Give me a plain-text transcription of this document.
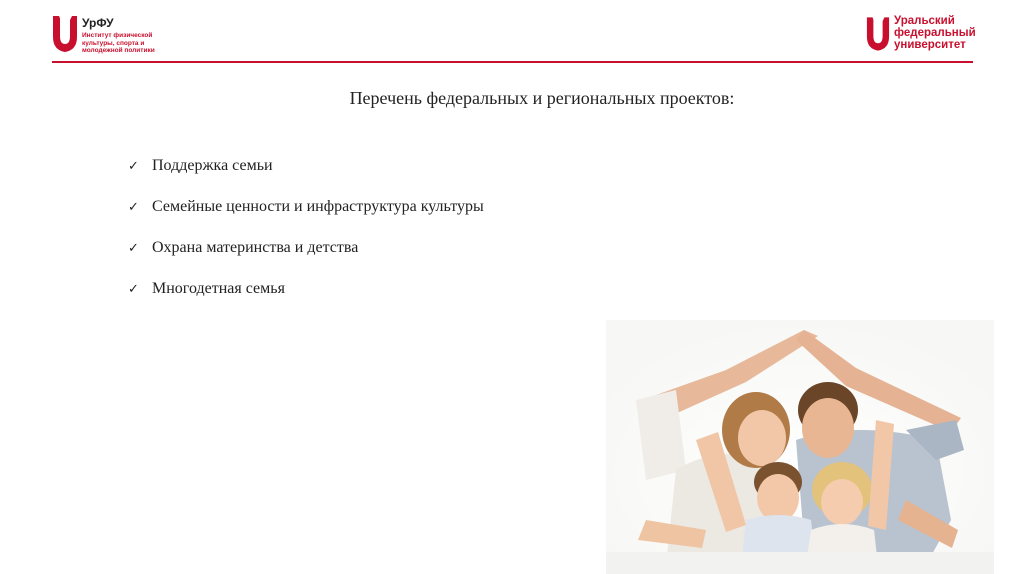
УрФУ
Институт физической
культуры, спорта и
молодежной политики
Уральский
федеральный
университет
Перечень федеральных и региональных проектов:
✓ Поддержка семьи
✓ Семейные ценности и инфраструктура культуры
✓ Охрана материнства и детства
✓ Многодетная семья
